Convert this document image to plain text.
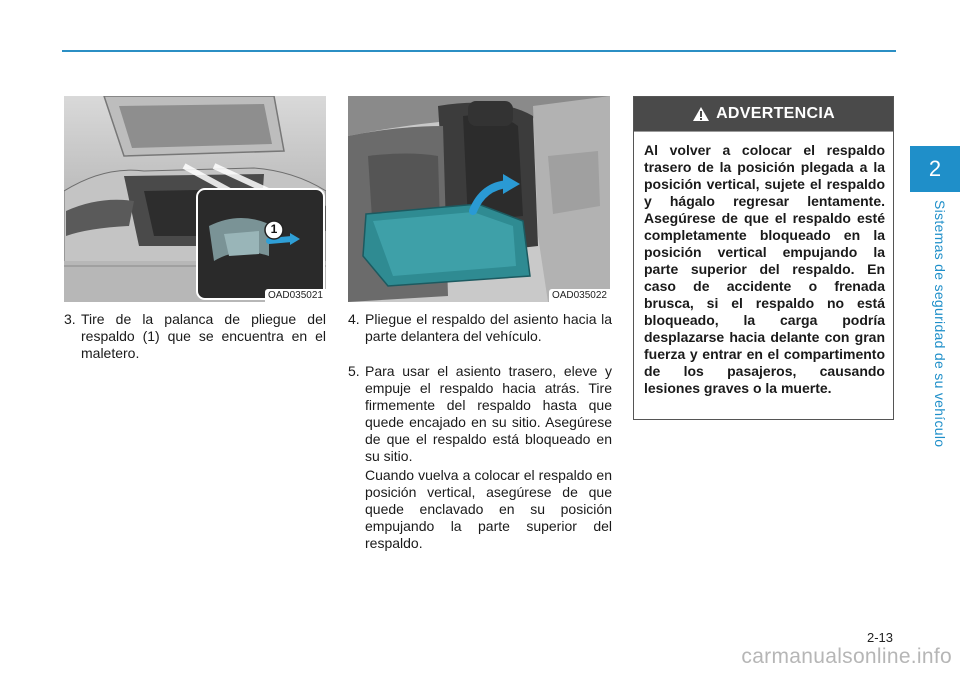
2
Sistemas de seguridad de su vehículo
1
OAD035021	OAD035022
3. Tire de la palanca de pliegue del respaldo (1) que se encuentra en el maletero.
4. Pliegue el respaldo del asiento hacia la parte delantera del vehículo.
5. Para usar el asiento trasero, eleve y empuje el respaldo hacia atrás. Tire firmemente del respaldo hasta que quede encajado en su sitio. Asegúrese de que el respaldo está bloqueado en su sitio.
Cuando vuelva a colocar el respaldo en posición vertical, asegúrese de que quede enclavado en su posición empujando la parte superior del respaldo.
ADVERTENCIA
Al volver a colocar el respaldo trasero de la posición plegada a la posición vertical, sujete el respaldo y hágalo regresar lentamente. Asegúrese de que el respaldo esté completamente bloqueado en la posición vertical empujando la parte superior del respaldo. En caso de accidente o frenada brusca, si el respaldo no está bloqueado, la carga podría desplazarse hacia delante con gran fuerza y entrar en el compartimento de los pasajeros, causando lesiones graves o la muerte.
2-13
carmanualsonline.info
